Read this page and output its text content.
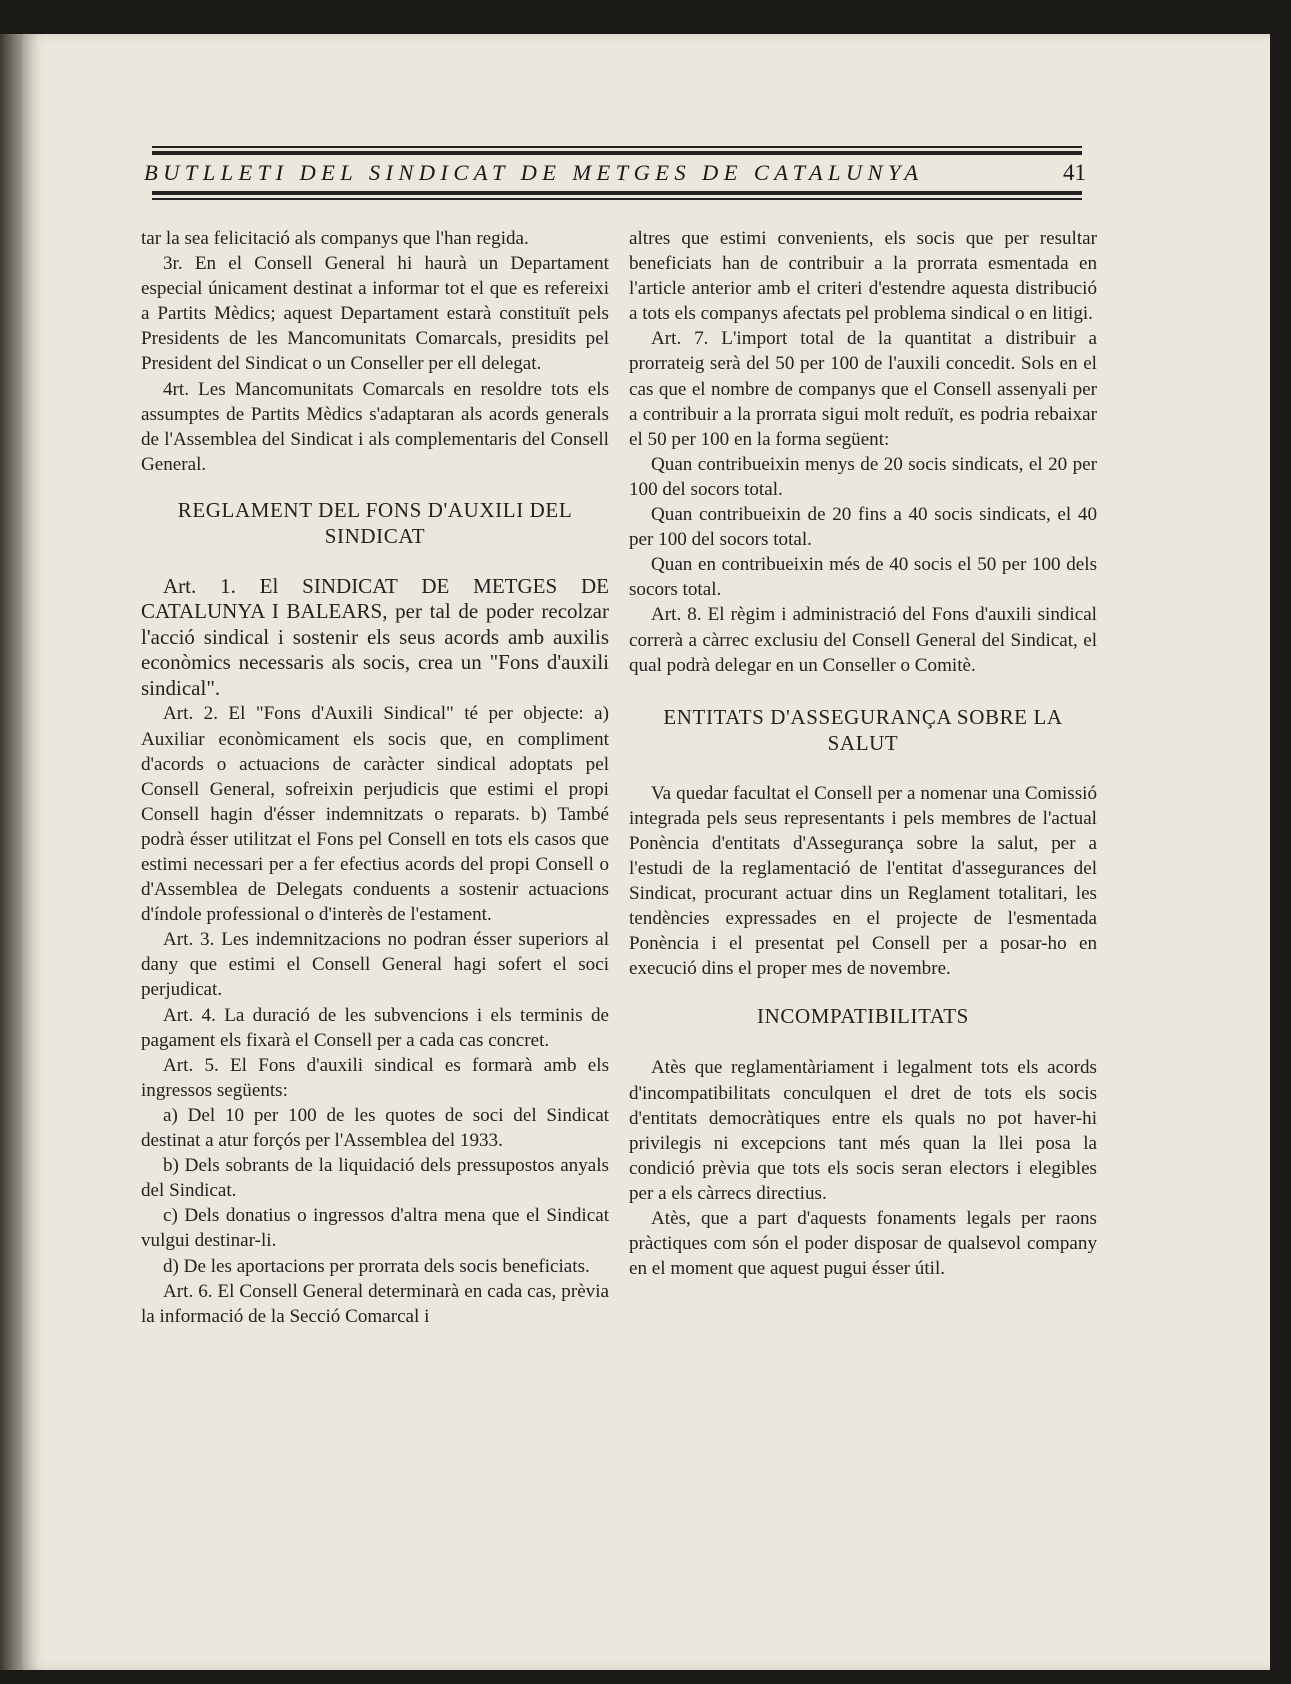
BUTLLETI DEL SINDICAT DE METGES DE CATALUNYA	41

tar la sea felicitació als companys que l'han regida.

3r. En el Consell General hi haurà un Departament especial únicament destinat a informar tot el que es refereixi a Partits Mèdics; aquest Departament estarà constituït pels Presidents de les Mancomunitats Comarcals, presidits pel President del Sindicat o un Conseller per ell delegat.

4rt. Les Mancomunitats Comarcals en resoldre tots els assumptes de Partits Mèdics s'adaptaran als acords generals de l'Assemblea del Sindicat i als complementaris del Consell General.

REGLAMENT DEL FONS D'AUXILI DEL SINDICAT

Art. 1. El SINDICAT DE METGES DE CATALUNYA I BALEARS, per tal de poder recolzar l'acció sindical i sostenir els seus acords amb auxilis econòmics necessaris als socis, crea un "Fons d'auxili sindical".

Art. 2. El "Fons d'Auxili Sindical" té per objecte: a) Auxiliar econòmicament els socis que, en compliment d'acords o actuacions de caràcter sindical adoptats pel Consell General, sofreixin perjudicis que estimi el propi Consell hagin d'ésser indemnitzats o reparats. b) També podrà ésser utilitzat el Fons pel Consell en tots els casos que estimi necessari per a fer efectius acords del propi Consell o d'Assemblea de Delegats conduents a sostenir actuacions d'índole professional o d'interès de l'estament.

Art. 3. Les indemnitzacions no podran ésser superiors al dany que estimi el Consell General hagi sofert el soci perjudicat.

Art. 4. La duració de les subvencions i els terminis de pagament els fixarà el Consell per a cada cas concret.

Art. 5. El Fons d'auxili sindical es formarà amb els ingressos següents:

a) Del 10 per 100 de les quotes de soci del Sindicat destinat a atur forçós per l'Assemblea del 1933.

b) Dels sobrants de la liquidació dels pressupostos anyals del Sindicat.

c) Dels donatius o ingressos d'altra mena que el Sindicat vulgui destinar-li.

d) De les aportacions per prorrata dels socis beneficiats.

Art. 6. El Consell General determinarà en cada cas, prèvia la informació de la Secció Comarcal i

altres que estimi convenients, els socis que per resultar beneficiats han de contribuir a la prorrata esmentada en l'article anterior amb el criteri d'estendre aquesta distribució a tots els companys afectats pel problema sindical o en litigi.

Art. 7. L'import total de la quantitat a distribuir a prorrateig serà del 50 per 100 de l'auxili concedit. Sols en el cas que el nombre de companys que el Consell assenyali per a contribuir a la prorrata sigui molt reduït, es podria rebaixar el 50 per 100 en la forma següent:

Quan contribueixin menys de 20 socis sindicats, el 20 per 100 del socors total.

Quan contribueixin de 20 fins a 40 socis sindicats, el 40 per 100 del socors total.

Quan en contribueixin més de 40 socis el 50 per 100 dels socors total.

Art. 8. El règim i administració del Fons d'auxili sindical correrà a càrrec exclusiu del Consell General del Sindicat, el qual podrà delegar en un Conseller o Comitè.

ENTITATS D'ASSEGURANÇA SOBRE LA SALUT

Va quedar facultat el Consell per a nomenar una Comissió integrada pels seus representants i pels membres de l'actual Ponència d'entitats d'Assegurança sobre la salut, per a l'estudi de la reglamentació de l'entitat d'assegurances del Sindicat, procurant actuar dins un Reglament totalitari, les tendències expressades en el projecte de l'esmentada Ponència i el presentat pel Consell per a posar-ho en execució dins el proper mes de novembre.

INCOMPATIBILITATS

Atès que reglamentàriament i legalment tots els acords d'incompatibilitats conculquen el dret de tots els socis d'entitats democràtiques entre els quals no pot haver-hi privilegis ni excepcions tant més quan la llei posa la condició prèvia que tots els socis seran electors i elegibles per a els càrrecs directius.

Atès, que a part d'aquests fonaments legals per raons pràctiques com són el poder disposar de qualsevol company en el moment que aquest pugui ésser útil.
